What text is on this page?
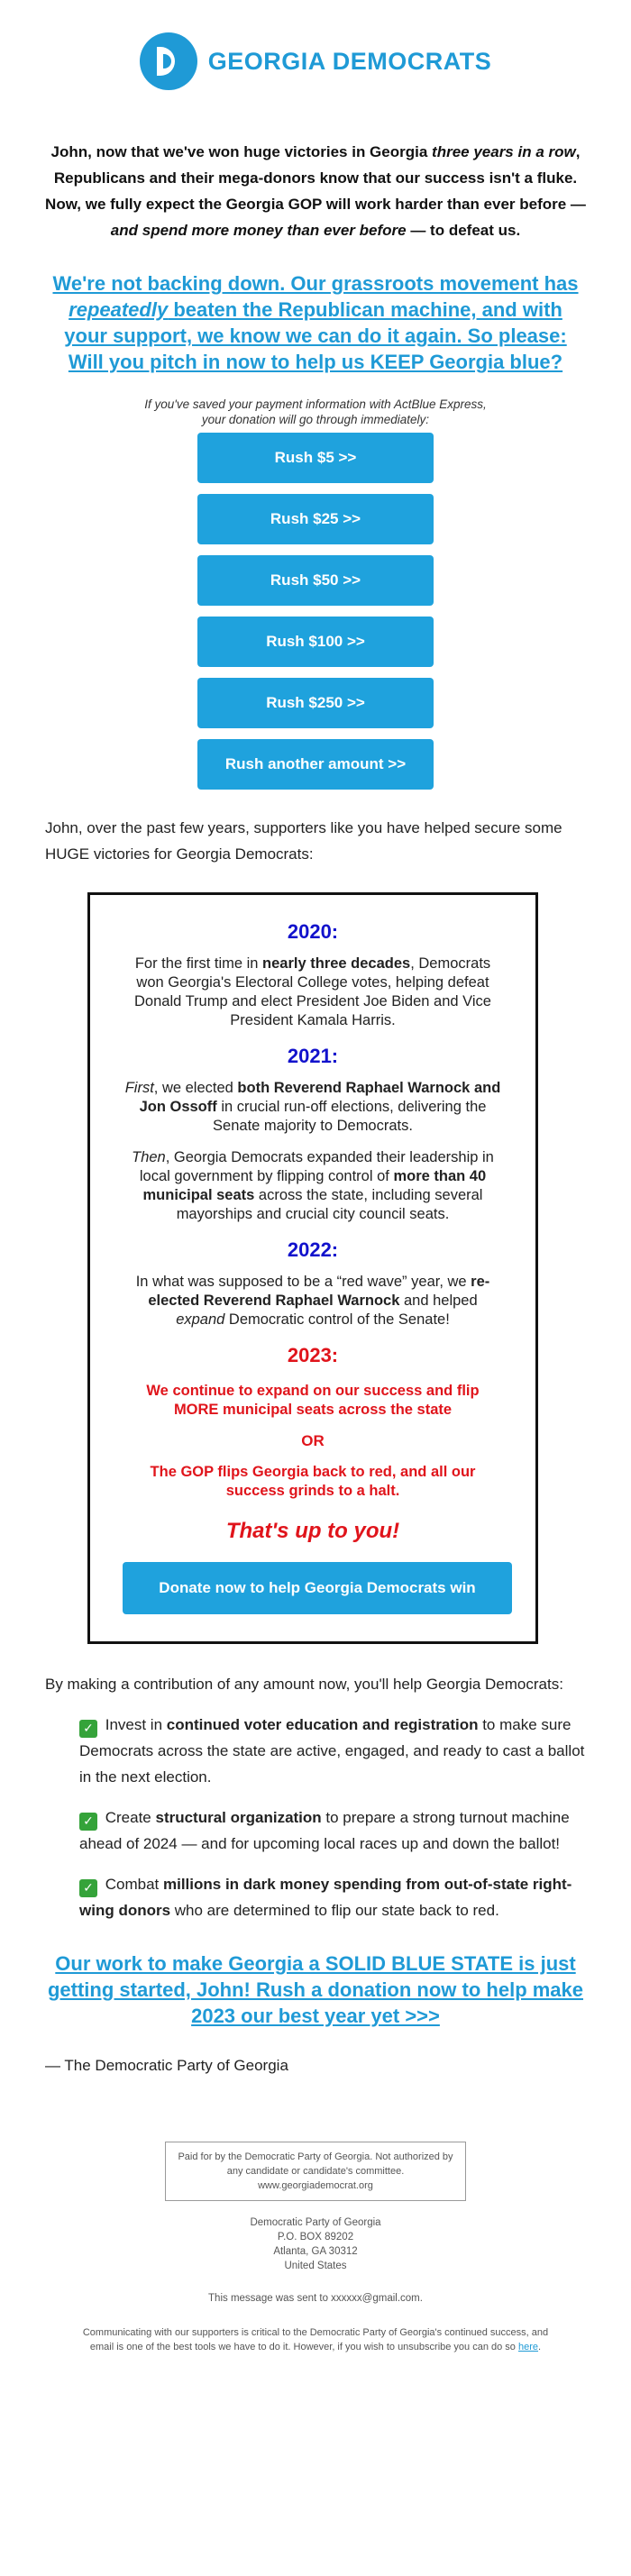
GEORGIA DEMOCRATS

John, now that we've won huge victories in Georgia three years in a row, Republicans and their mega-donors know that our success isn't a fluke. Now, we fully expect the Georgia GOP will work harder than ever before — and spend more money than ever before — to defeat us.

We're not backing down. Our grassroots movement has repeatedly beaten the Republican machine, and with your support, we know we can do it again. So please: Will you pitch in now to help us KEEP Georgia blue?
If you've saved your payment information with ActBlue Express,
your donation will go through immediately:
Rush $5 >>
Rush $25 >>
Rush $50 >>
Rush $100 >>
Rush $250 >>
Rush another amount >>

John, over the past few years, supporters like you have helped secure some HUGE victories for Georgia Democrats:

2020:

For the first time in nearly three decades, Democrats won Georgia's Electoral College votes, helping defeat Donald Trump and elect President Joe Biden and Vice President Kamala Harris.

2021:

First, we elected both Reverend Raphael Warnock and Jon Ossoff in crucial run-off elections, delivering the Senate majority to Democrats.

Then, Georgia Democrats expanded their leadership in local government by flipping control of more than 40 municipal seats across the state, including several mayorships and crucial city council seats.

2022:

In what was supposed to be a “red wave” year, we re-elected Reverend Raphael Warnock and helped expand Democratic control of the Senate!

2023:

We continue to expand on our success and flip MORE municipal seats across the state

OR

The GOP flips Georgia back to red, and all our success grinds to a halt.

That's up to you!

Donate now to help Georgia Democrats win

By making a contribution of any amount now, you'll help Georgia Democrats:

✓ Invest in continued voter education and registration to make sure Democrats across the state are active, engaged, and ready to cast a ballot in the next election.

✓ Create structural organization to prepare a strong turnout machine ahead of 2024 — and for upcoming local races up and down the ballot!

✓ Combat millions in dark money spending from out-of-state right-wing donors who are determined to flip our state back to red.

Our work to make Georgia a SOLID BLUE STATE is just getting started, John! Rush a donation now to help make 2023 our best year yet >>>

— The Democratic Party of Georgia

Paid for by the Democratic Party of Georgia. Not authorized by any candidate or candidate's committee. www.georgiademocrat.org
Democratic Party of Georgia
P.O. BOX 89202
Atlanta, GA 30312
United States
This message was sent to xxxxxx@gmail.com.
Communicating with our supporters is critical to the Democratic Party of Georgia's continued success, and email is one of the best tools we have to do it. However, if you wish to unsubscribe you can do so here.
